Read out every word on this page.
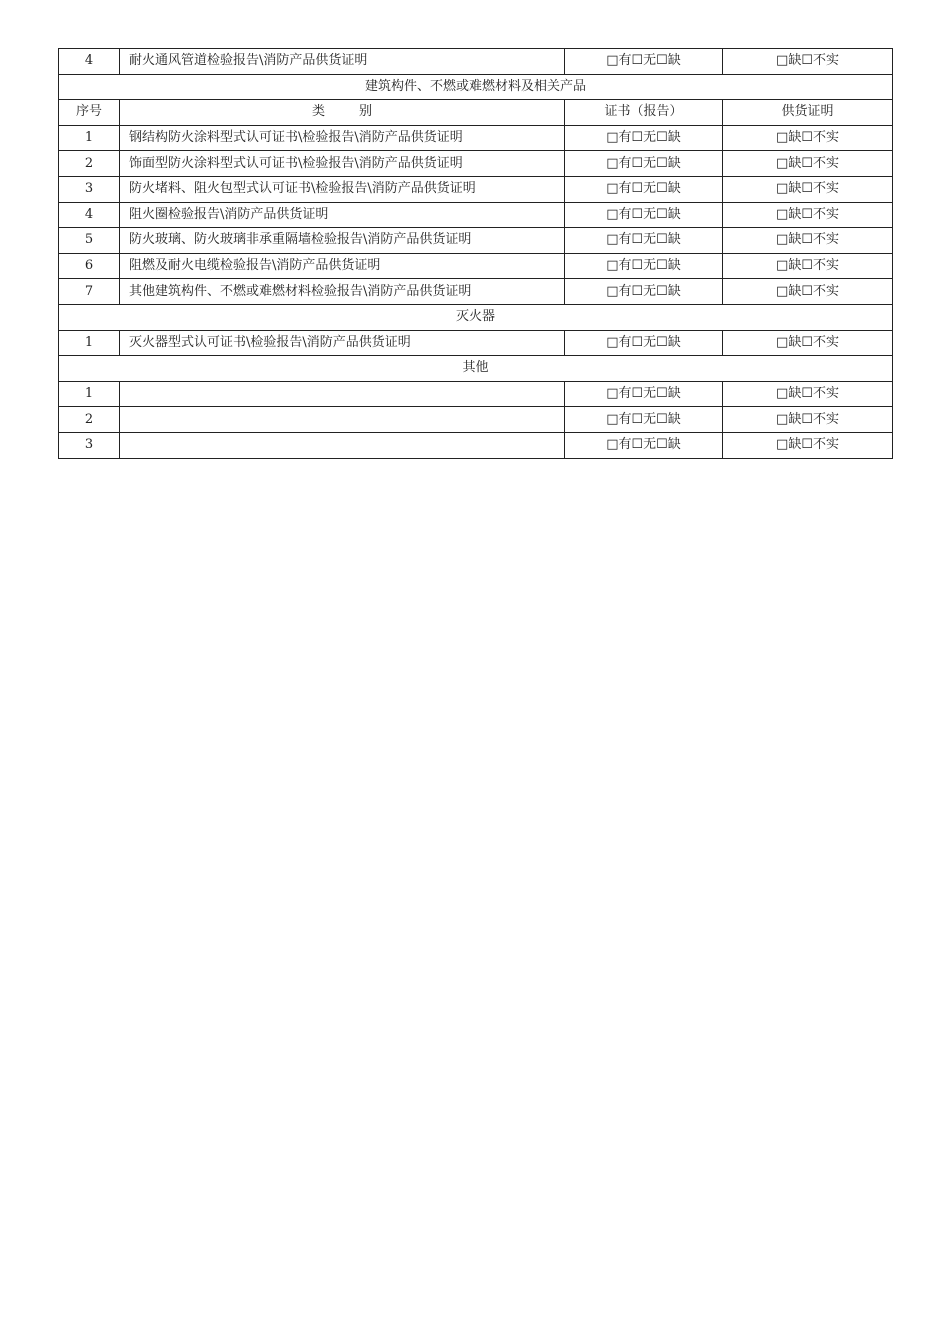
4	耐火通风管道检验报告\消防产品供货证明	□有☐无☐缺	□缺☐不实
建筑构件、不燃或难燃材料及相关产品			
序号	类 别	证书（报告）	供货证明
1	钢结构防火涂料型式认可证书\检验报告\消防产品供货证明	□有☐无☐缺	□缺☐不实
2	饰面型防火涂料型式认可证书\检验报告\消防产品供货证明	□有☐无☐缺	□缺☐不实
3	防火堵料、阻火包型式认可证书\检验报告\消防产品供货证明	□有☐无☐缺	□缺☐不实
4	阻火圈检验报告\消防产品供货证明	□有☐无☐缺	□缺☐不实
5	防火玻璃、防火玻璃非承重隔墙检验报告\消防产品供货证明	□有☐无☐缺	□缺☐不实
6	阻燃及耐火电缆检验报告\消防产品供货证明	□有☐无☐缺	□缺☐不实
7	其他建筑构件、不燃或难燃材料检验报告\消防产品供货证明	□有☐无☐缺	□缺☐不实
灭火器			
1	灭火器型式认可证书\检验报告\消防产品供货证明	□有☐无☐缺	□缺☐不实
其他			
1		□有☐无☐缺	□缺☐不实
2		□有☐无☐缺	□缺☐不实
3		□有☐无☐缺	□缺☐不实
